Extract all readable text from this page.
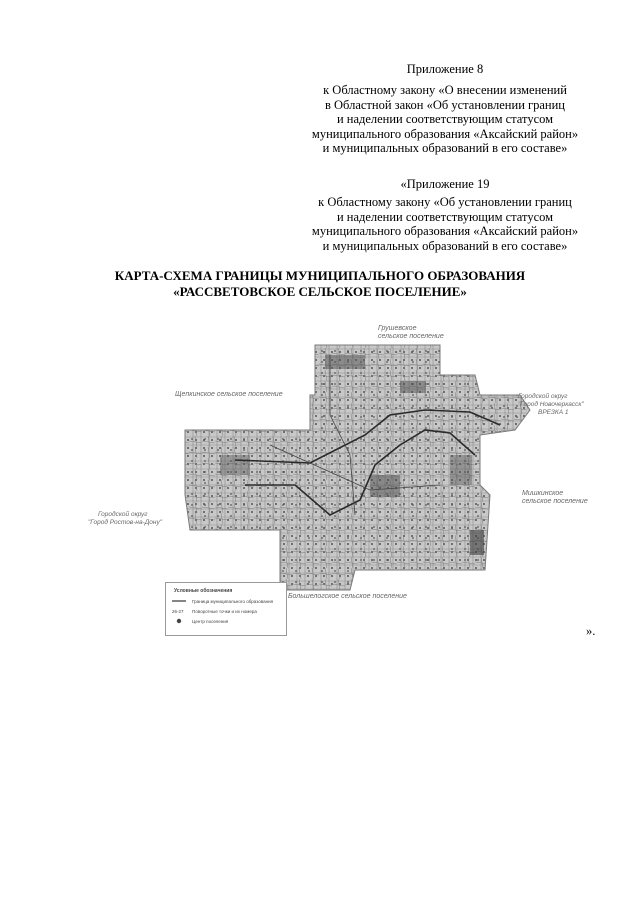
Приложение 8
к Областному закону «О внесении изменений
в Областной закон «Об установлении границ
и наделении соответствующим статусом
муниципального образования «Аксайский район»
и муниципальных образований в его составе»
«Приложение 19
к Областному закону «Об установлении границ
и наделении соответствующим статусом
муниципального образования «Аксайский район»
и муниципальных образований в его составе»
КАРТА-СХЕМА ГРАНИЦЫ МУНИЦИПАЛЬНОГО ОБРАЗОВАНИЯ
«РАССВЕТОВСКОЕ СЕЛЬСКОЕ ПОСЕЛЕНИЕ»
Грушевское
сельское поселение
Щепкинское сельское поселение	Городской округ
"Город Новочеркасск"
ВРЕЗКА 1
Мишкинское
сельское поселение
Городской округ
"Город Ростов-на-Дону"
Большелогское сельское поселение
Условные обозначения
Граница муниципального образования
26-27	Поворотные точки и их номера
Центр поселения
».
